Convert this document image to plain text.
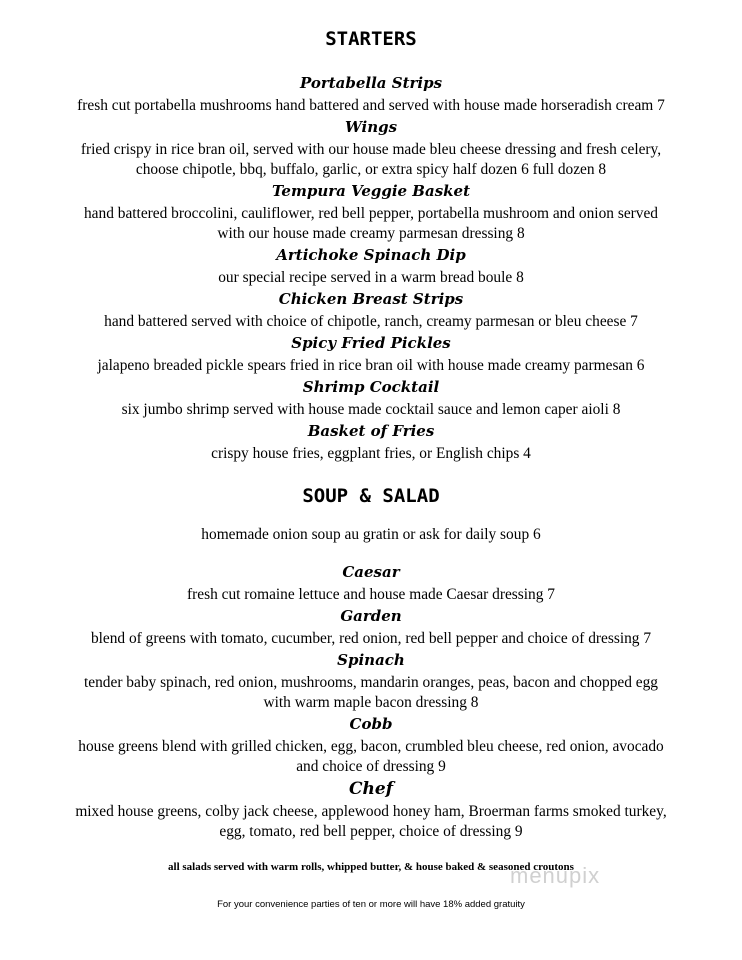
STARTERS

Portabella Strips

fresh cut portabella mushrooms hand battered and served with house made horseradish cream 7

Wings

fried crispy in rice bran oil, served with our house made bleu cheese dressing and fresh celery,

choose chipotle, bbq, buffalo, garlic, or extra spicy half dozen 6 full dozen 8

Tempura Veggie Basket

hand battered broccolini, cauliflower, red bell pepper, portabella mushroom and onion served

with our house made creamy parmesan dressing 8

Artichoke Spinach Dip

our special recipe served in a warm bread boule 8

Chicken Breast Strips

hand battered served with choice of chipotle, ranch, creamy parmesan or bleu cheese 7

Spicy Fried Pickles

jalapeno breaded pickle spears fried in rice bran oil with house made creamy parmesan 6

Shrimp Cocktail

six jumbo shrimp served with house made cocktail sauce and lemon caper aioli 8

Basket of Fries

crispy house fries, eggplant fries, or English chips 4

SOUP & SALAD

homemade onion soup au gratin or ask for daily soup 6

Caesar

fresh cut romaine lettuce and house made Caesar dressing 7

Garden

blend of greens with tomato, cucumber, red onion, red bell pepper and choice of dressing 7

Spinach

tender baby spinach, red onion, mushrooms, mandarin oranges, peas, bacon and chopped egg

with warm maple bacon dressing 8

Cobb

house greens blend with grilled chicken, egg, bacon, crumbled bleu cheese, red onion, avocado

and choice of dressing 9

Chef

mixed house greens, colby jack cheese, applewood honey ham, Broerman farms smoked turkey,

egg, tomato, red bell pepper, choice of dressing 9

all salads served with warm rolls, whipped butter, & house baked & seasoned croutons

For your convenience parties of ten or more will have 18% added gratuity

menupix
